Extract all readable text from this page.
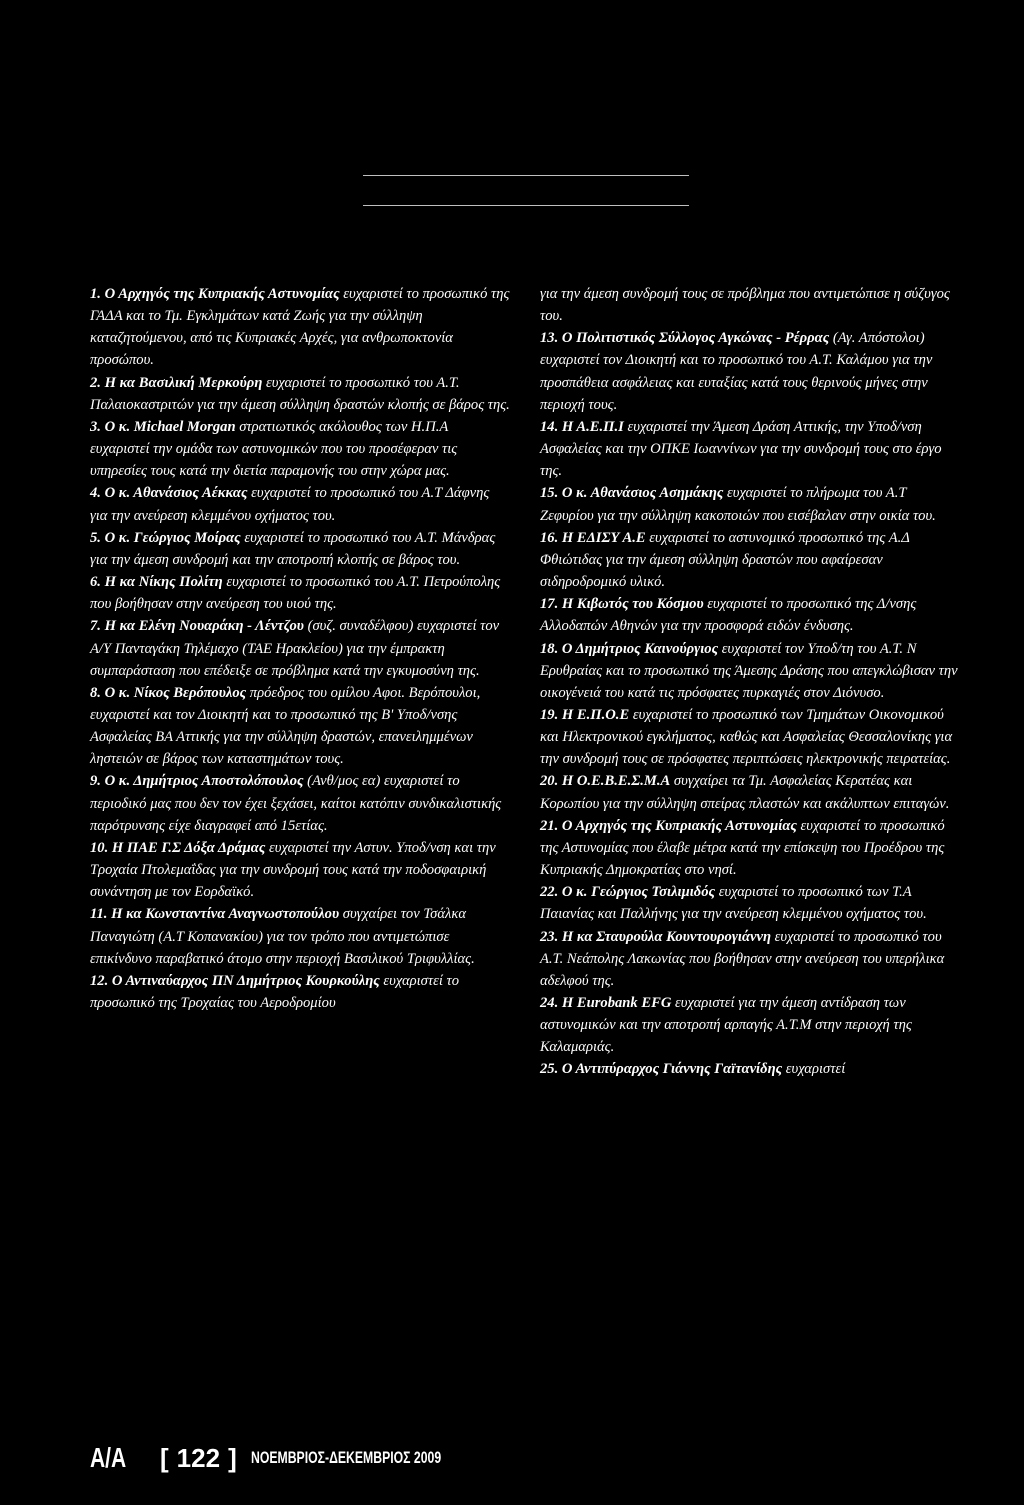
1. Ο Αρχηγός της Κυπριακής Αστυνομίας ευχαριστεί το προσωπικό της ΓΑΔΑ και το Τμ. Εγκλημάτων κατά Ζωής για την σύλληψη καταζητούμενου, από τις Κυπριακές Αρχές, για ανθρωποκτονία προσώπου.

2. Η κα Βασιλική Μερκούρη ευχαριστεί το προσωπικό του Α.Τ. Παλαιοκαστριτών για την άμεση σύλληψη δραστών κλοπής σε βάρος της.

3. Ο κ. Michael Morgan στρατιωτικός ακόλουθος των Η.Π.Α ευχαριστεί την ομάδα των αστυνομικών που του προσέφεραν τις υπηρεσίες τους κατά την διετία παραμονής του στην χώρα μας.

4. Ο κ. Αθανάσιος Αέκκας ευχαριστεί το προσωπικό του Α.Τ Δάφνης για την ανεύρεση κλεμμένου οχήματος του.

5. Ο κ. Γεώργιος Μοίρας ευχαριστεί το προσωπικό του Α.Τ. Μάνδρας για την άμεση συνδρομή και την αποτροπή κλοπής σε βάρος του.

6. Η κα Νίκης Πολίτη ευχαριστεί το προσωπικό του Α.Τ. Πετρούπολης που βοήθησαν στην ανεύρεση του υιού της.

7. Η κα Ελένη Νουαράκη - Λέντζου (συζ. συναδέλφου) ευχαριστεί τον Α/Υ Πανταγάκη Τηλέμαχο (ΤΑΕ Ηρακλείου) για την έμπρακτη συμπαράσταση που επέδειξε σε πρόβλημα κατά την εγκυμοσύνη της.

8. Ο κ. Νίκος Βερόπουλος πρόεδρος του ομίλου Αφοι. Βερόπουλοι, ευχαριστεί και τον Διοικητή και το προσωπικό της Β' Υποδ/νσης Ασφαλείας ΒΑ Αττικής για την σύλληψη δραστών, επανειλημμένων ληστειών σε βάρος των καταστημάτων τους.

9. Ο κ. Δημήτριος Αποστολόπουλος (Ανθ/μος εα) ευχαριστεί το περιοδικό μας που δεν τον έχει ξεχάσει, καίτοι κατόπιν συνδικαλιστικής παρότρυνσης είχε διαγραφεί από 15ετίας.

10. Η ΠΑΕ Γ.Σ Δόξα Δράμας ευχαριστεί την Αστυν. Υποδ/νση και την Τροχαία Πτολεμαΐδας για την συνδρομή τους κατά την ποδοσφαιρική συνάντηση με τον Εορδαϊκό.

11. Η κα Κωνσταντίνα Αναγνωστοπούλου συγχαίρει τον Τσάλκα Παναγιώτη (Α.Τ Κοπανακίου) για τον τρόπο που αντιμετώπισε επικίνδυνο παραβατικό άτομο στην περιοχή Βασιλικού Τριφυλλίας.

12. Ο Αντιναύαρχος ΠΝ Δημήτριος Κουρκούλης ευχαριστεί το προσωπικό της Τροχαίας του Αεροδρομίου

για την άμεση συνδρομή τους σε πρόβλημα που αντιμετώπισε η σύζυγος του.

13. Ο Πολιτιστικός Σύλλογος Αγκώνας - Ρέρρας (Αγ. Απόστολοι) ευχαριστεί τον Διοικητή και το προσωπικό του Α.Τ. Καλάμου για την προσπάθεια ασφάλειας και ευταξίας κατά τους θερινούς μήνες στην περιοχή τους.

14. Η Α.Ε.Π.Ι ευχαριστεί την Άμεση Δράση Αττικής, την Υποδ/νση Ασφαλείας και την ΟΠΚΕ Ιωαννίνων για την συνδρομή τους στο έργο της.

15. Ο κ. Αθανάσιος Ασημάκης ευχαριστεί το πλήρωμα του Α.Τ Ζεφυρίου για την σύλληψη κακοποιών που εισέβαλαν στην οικία του.

16. Η ΕΔΙΣΥ Α.Ε ευχαριστεί το αστυνομικό προσωπικό της Α.Δ Φθιώτιδας για την άμεση σύλληψη δραστών που αφαίρεσαν σιδηροδρομικό υλικό.

17. Η Κιβωτός του Κόσμου ευχαριστεί το προσωπικό της Δ/νσης Αλλοδαπών Αθηνών για την προσφορά ειδών ένδυσης.

18. Ο Δημήτριος Καινούργιος ευχαριστεί τον Υποδ/τη του Α.Τ. Ν Ερυθραίας και το προσωπικό της Άμεσης Δράσης που απεγκλώβισαν την οικογένειά του κατά τις πρόσφατες πυρκαγιές στον Διόνυσο.

19. Η Ε.Π.Ο.Ε ευχαριστεί το προσωπικό των Τμημάτων Οικονομικού και Ηλεκτρονικού εγκλήματος, καθώς και Ασφαλείας Θεσσαλονίκης για την συνδρομή τους σε πρόσφατες περιπτώσεις ηλεκτρονικής πειρατείας.

20. Η Ο.Ε.Β.Ε.Σ.Μ.Α συγχαίρει τα Τμ. Ασφαλείας Κερατέας και Κορωπίου για την σύλληψη σπείρας πλαστών και ακάλυπτων επιταγών.

21. Ο Αρχηγός της Κυπριακής Αστυνομίας ευχαριστεί το προσωπικό της Αστυνομίας που έλαβε μέτρα κατά την επίσκεψη του Προέδρου της Κυπριακής Δημοκρατίας στο νησί.

22. Ο κ. Γεώργιος Τσιλιμιδός ευχαριστεί το προσωπικό των Τ.Α Παιανίας και Παλλήνης για την ανεύρεση κλεμμένου οχήματος του.

23. Η κα Σταυρούλα Κουντουρογιάννη ευχαριστεί το προσωπικό του Α.Τ. Νεάπολης Λακωνίας που βοήθησαν στην ανεύρεση του υπερήλικα αδελφού της.

24. Η Eurobank EFG ευχαριστεί για την άμεση αντίδραση των αστυνομικών και την αποτροπή αρπαγής Α.Τ.Μ στην περιοχή της Καλαμαριάς.

25. Ο Αντιπύραρχος Γιάννης Γαϊτανίδης ευχαριστεί

Α/Α	[ 122 ] ΝΟΕΜΒΡΙΟΣ-ΔΕΚΕΜΒΡΙΟΣ 2009
